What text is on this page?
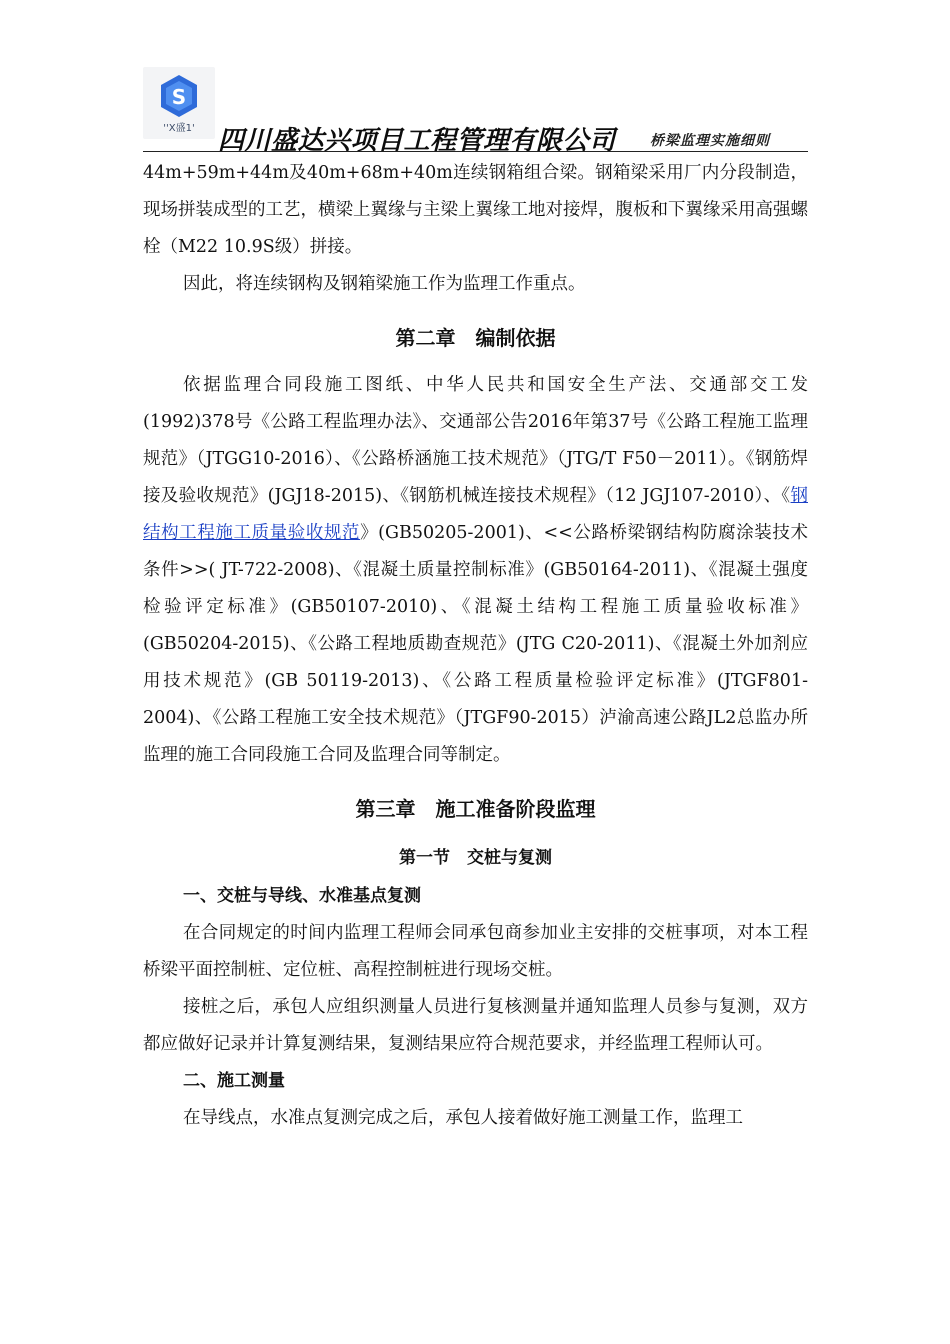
S
''X盛1' 四川盛达兴项目工程管理有限公司 桥梁监理实施细则

44m+59m+44m及40m+68m+40m连续钢箱组合梁。钢箱梁采用厂内分段制造，现场拼装成型的工艺，横梁上翼缘与主梁上翼缘工地对接焊，腹板和下翼缘采用高强螺栓（M22 10.9S级）拼接。

因此，将连续钢构及钢箱梁施工作为监理工作重点。

第二章　编制依据

依据监理合同段施工图纸、中华人民共和国安全生产法、交通部交工发(1992)378号《公路工程监理办法》、交通部公告2016年第37号《公路工程施工监理规范》（JTGG10-2016）、《公路桥涵施工技术规范》（JTG/T F50－2011）。《钢筋焊接及验收规范》(JGJ18-2015)、《钢筋机械连接技术规程》（12 JGJ107-2010）、《钢结构工程施工质量验收规范》(GB50205-2001)、<<公路桥梁钢结构防腐涂装技术条件>>( JT-722-2008)、《混凝土质量控制标准》(GB50164-2011)、《混凝土强度检验评定标准》(GB50107-2010)、《混凝土结构工程施工质量验收标准》(GB50204-2015)、《公路工程地质勘查规范》(JTG C20-2011)、《混凝土外加剂应用技术规范》(GB 50119-2013)、《公路工程质量检验评定标准》(JTGF801-2004)、《公路工程施工安全技术规范》（JTGF90-2015）泸渝高速公路JL2总监办所监理的施工合同段施工合同及监理合同等制定。

第三章　施工准备阶段监理

第一节　交桩与复测

一、交桩与导线、水准基点复测

在合同规定的时间内监理工程师会同承包商参加业主安排的交桩事项，对本工程桥梁平面控制桩、定位桩、高程控制桩进行现场交桩。

接桩之后，承包人应组织测量人员进行复核测量并通知监理人员参与复测，双方都应做好记录并计算复测结果，复测结果应符合规范要求，并经监理工程师认可。

二、施工测量

在导线点，水准点复测完成之后，承包人接着做好施工测量工作，监理工
